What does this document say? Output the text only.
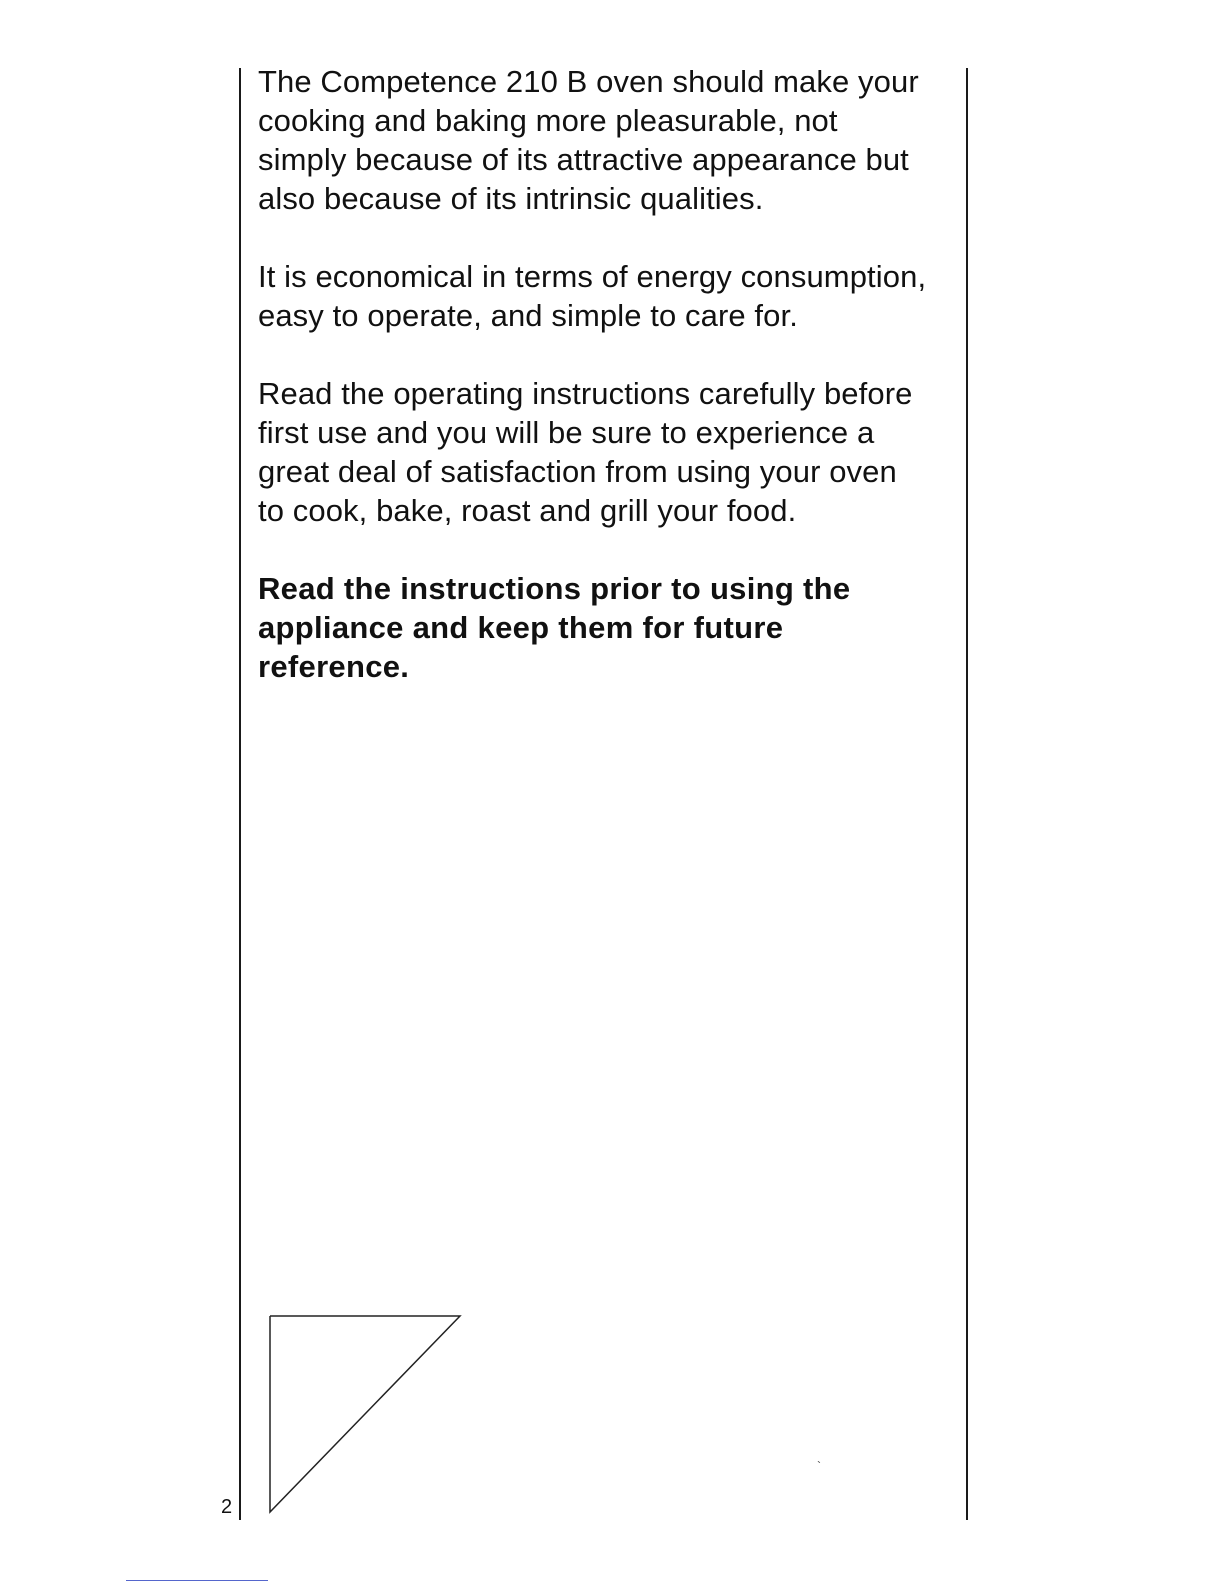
The Competence 210 B oven should make your
cooking and baking more pleasurable, not
simply because of its attractive appearance but
also because of its intrinsic qualities.
It is economical in terms of energy consumption,
easy to operate, and simple to care for.
Read the operating instructions carefully before
first use and you will be sure to experience a
great deal of satisfaction from using your oven
to cook, bake, roast and grill your food.
Read the instructions prior to using the
appliance and keep them for future
reference.
`
2
